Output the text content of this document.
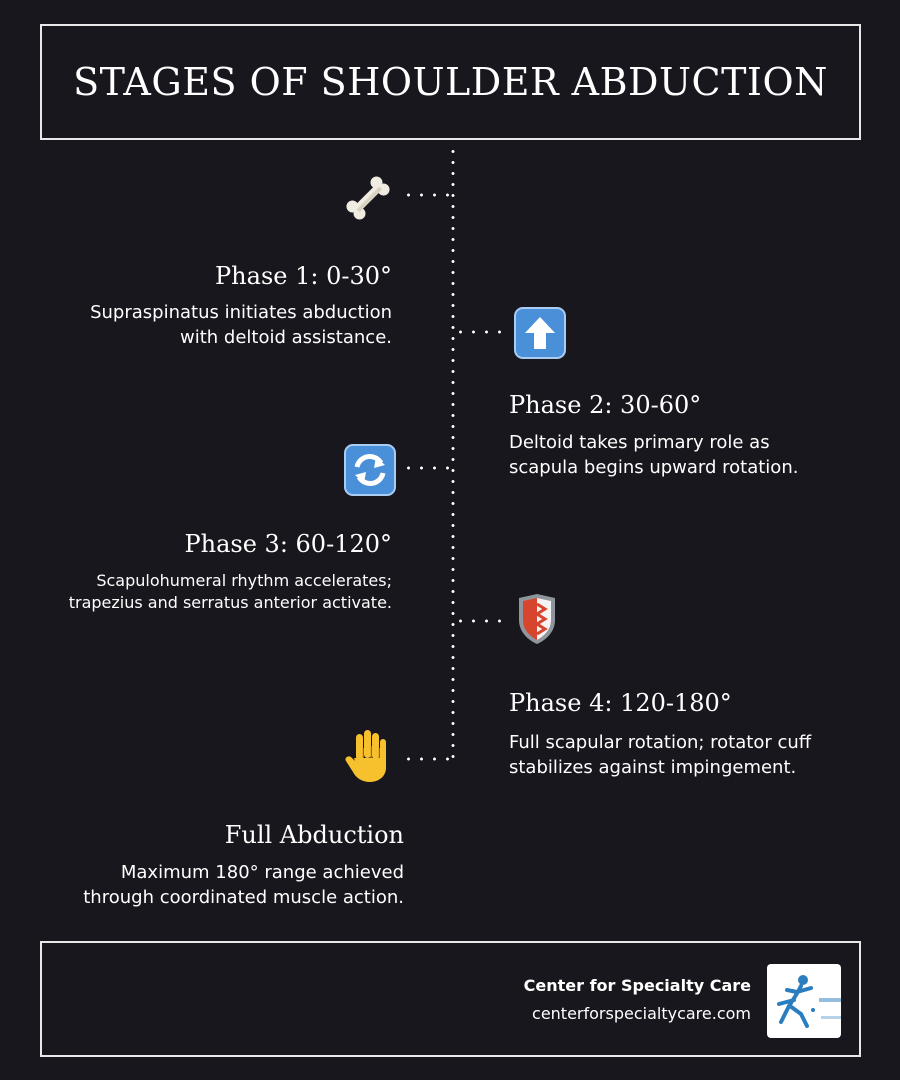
STAGES OF SHOULDER ABDUCTION
Phase 1: 0-30°
Supraspinatus initiates abduction
with deltoid assistance.
Phase 2: 30-60°
Deltoid takes primary role as
scapula begins upward rotation.
Phase 3: 60-120°
Scapulohumeral rhythm accelerates;
trapezius and serratus anterior activate.
Phase 4: 120-180°
Full scapular rotation; rotator cuff
stabilizes against impingement.
Full Abduction
Maximum 180° range achieved
through coordinated muscle action.
Center for Specialty Care
centerforspecialtycare.com
